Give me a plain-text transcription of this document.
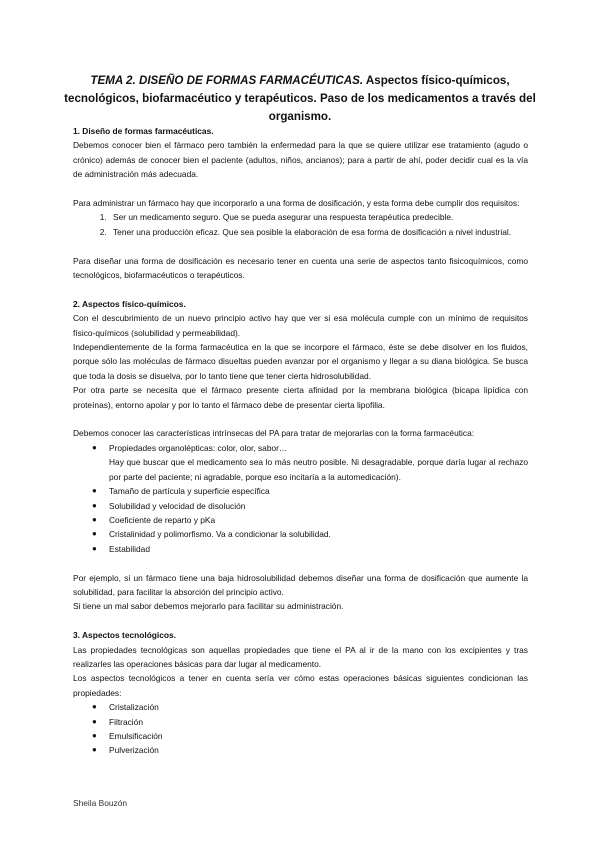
TEMA 2. DISEÑO DE FORMAS FARMACÉUTICAS. Aspectos físico-químicos, tecnológicos, biofarmacéutico y terapéuticos. Paso de los medicamentos a través del organismo.

1. Diseño de formas farmacéuticas.

Debemos conocer bien el fármaco pero también la enfermedad para la que se quiere utilizar ese tratamiento (agudo o crónico) además de conocer bien el paciente (adultos, niños, ancianos); para a partir de ahí, poder decidir cual es la vía de administración más adecuada.

Para administrar un fármaco hay que incorporarlo a una forma de dosificación, y esta forma debe cumplir dos requisitos:

1. Ser un medicamento seguro. Que se pueda asegurar una respuesta terapéutica predecible.
2. Tener una producción eficaz. Que sea posible la elaboración de esa forma de dosificación a nivel industrial.

Para diseñar una forma de dosificación es necesario tener en cuenta una serie de aspectos tanto fisicoquímicos, como tecnológicos, biofarmacéuticos o terapéuticos.

2. Aspectos físico-químicos.

Con el descubrimiento de un nuevo principio activo hay que ver si esa molécula cumple con un mínimo de requisitos físico-químicos (solubilidad y permeabilidad).

Independientemente de la forma farmacéutica en la que se incorpore el fármaco, éste se debe disolver en los fluidos, porque sólo las moléculas de fármaco disueltas pueden avanzar por el organismo y llegar a su diana biológica. Se busca que toda la dosis se disuelva, por lo tanto tiene que tener cierta hidrosolubilidad.

Por otra parte se necesita que el fármaco presente cierta afinidad por la membrana biológica (bicapa lipídica con proteínas), entorno apolar y por lo tanto el fármaco debe de presentar cierta lipofilia.

Debemos conocer las características intrínsecas del PA para tratar de mejorarlas con la forma farmacéutica:

● Propiedades organolépticas: color, olor, sabor…
Hay que buscar que el medicamento sea lo más neutro posible. Ni desagradable, porque daría lugar al rechazo por parte del paciente; ni agradable, porque eso incitaría a la automedicación).
● Tamaño de partícula y superficie específica
● Solubilidad y velocidad de disolución
● Coeficiente de reparto y pKa
● Cristalinidad y polimorfismo. Va a condicionar la solubilidad.
● Estabilidad

Por ejemplo, si un fármaco tiene una baja hidrosolubilidad debemos diseñar una forma de dosificación que aumente la solubilidad, para facilitar la absorción del principio activo.

Si tiene un mal sabor debemos mejorarlo para facilitar su administración.

3. Aspectos tecnológicos.

Las propiedades tecnológicas son aquellas propiedades que tiene el PA al ir de la mano con los excipientes y tras realizarles las operaciones básicas para dar lugar al medicamento.

Los aspectos tecnológicos a tener en cuenta sería ver cómo estas operaciones básicas siguientes condicionan las propiedades:

● Cristalización
● Filtración
● Emulsificación
● Pulverización
Sheila Bouzón
